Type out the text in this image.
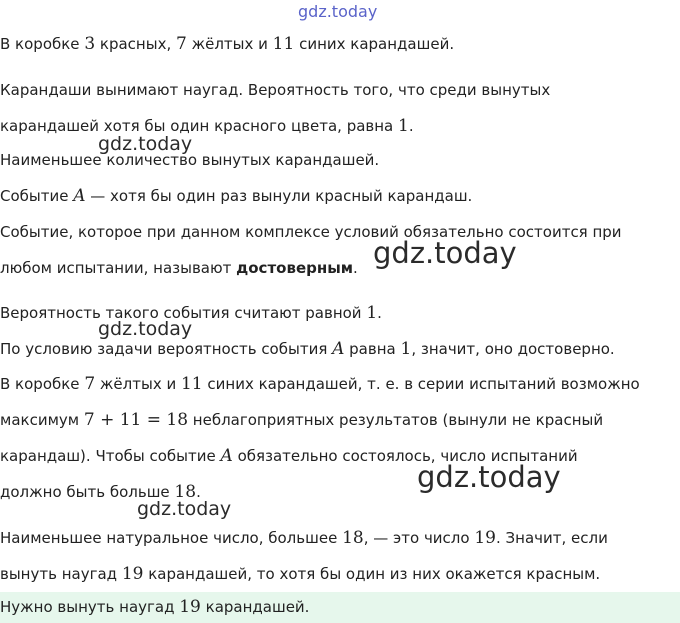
gdz.today
В коробке 3 красных, 7 жёлтых и 11 синих карандашей.
Карандаши вынимают наугад. Вероятность того, что среди вынутых
карандашей хотя бы один красного цвета, равна 1.
gdz.today
Наименьшее количество вынутых карандашей.
Событие A — хотя бы один раз вынули красный карандаш.
Событие, которое при данном комплексе условий обязательно состоится при
любом испытании, называют достоверным. gdz.today
Вероятность такого события считают равной 1.
gdz.today
По условию задачи вероятность события A равна 1, значит, оно достоверно.
В коробке 7 жёлтых и 11 синих карандашей, т. е. в серии испытаний возможно
максимум 7 + 11 = 18 неблагоприятных результатов (вынули не красный
карандаш). Чтобы событие A обязательно состоялось, число испытаний
gdz.today
должно быть больше 18.
gdz.today
Наименьшее натуральное число, большее 18, — это число 19. Значит, если
вынуть наугад 19 карандашей, то хотя бы один из них окажется красным.
Нужно вынуть наугад 19 карандашей.
